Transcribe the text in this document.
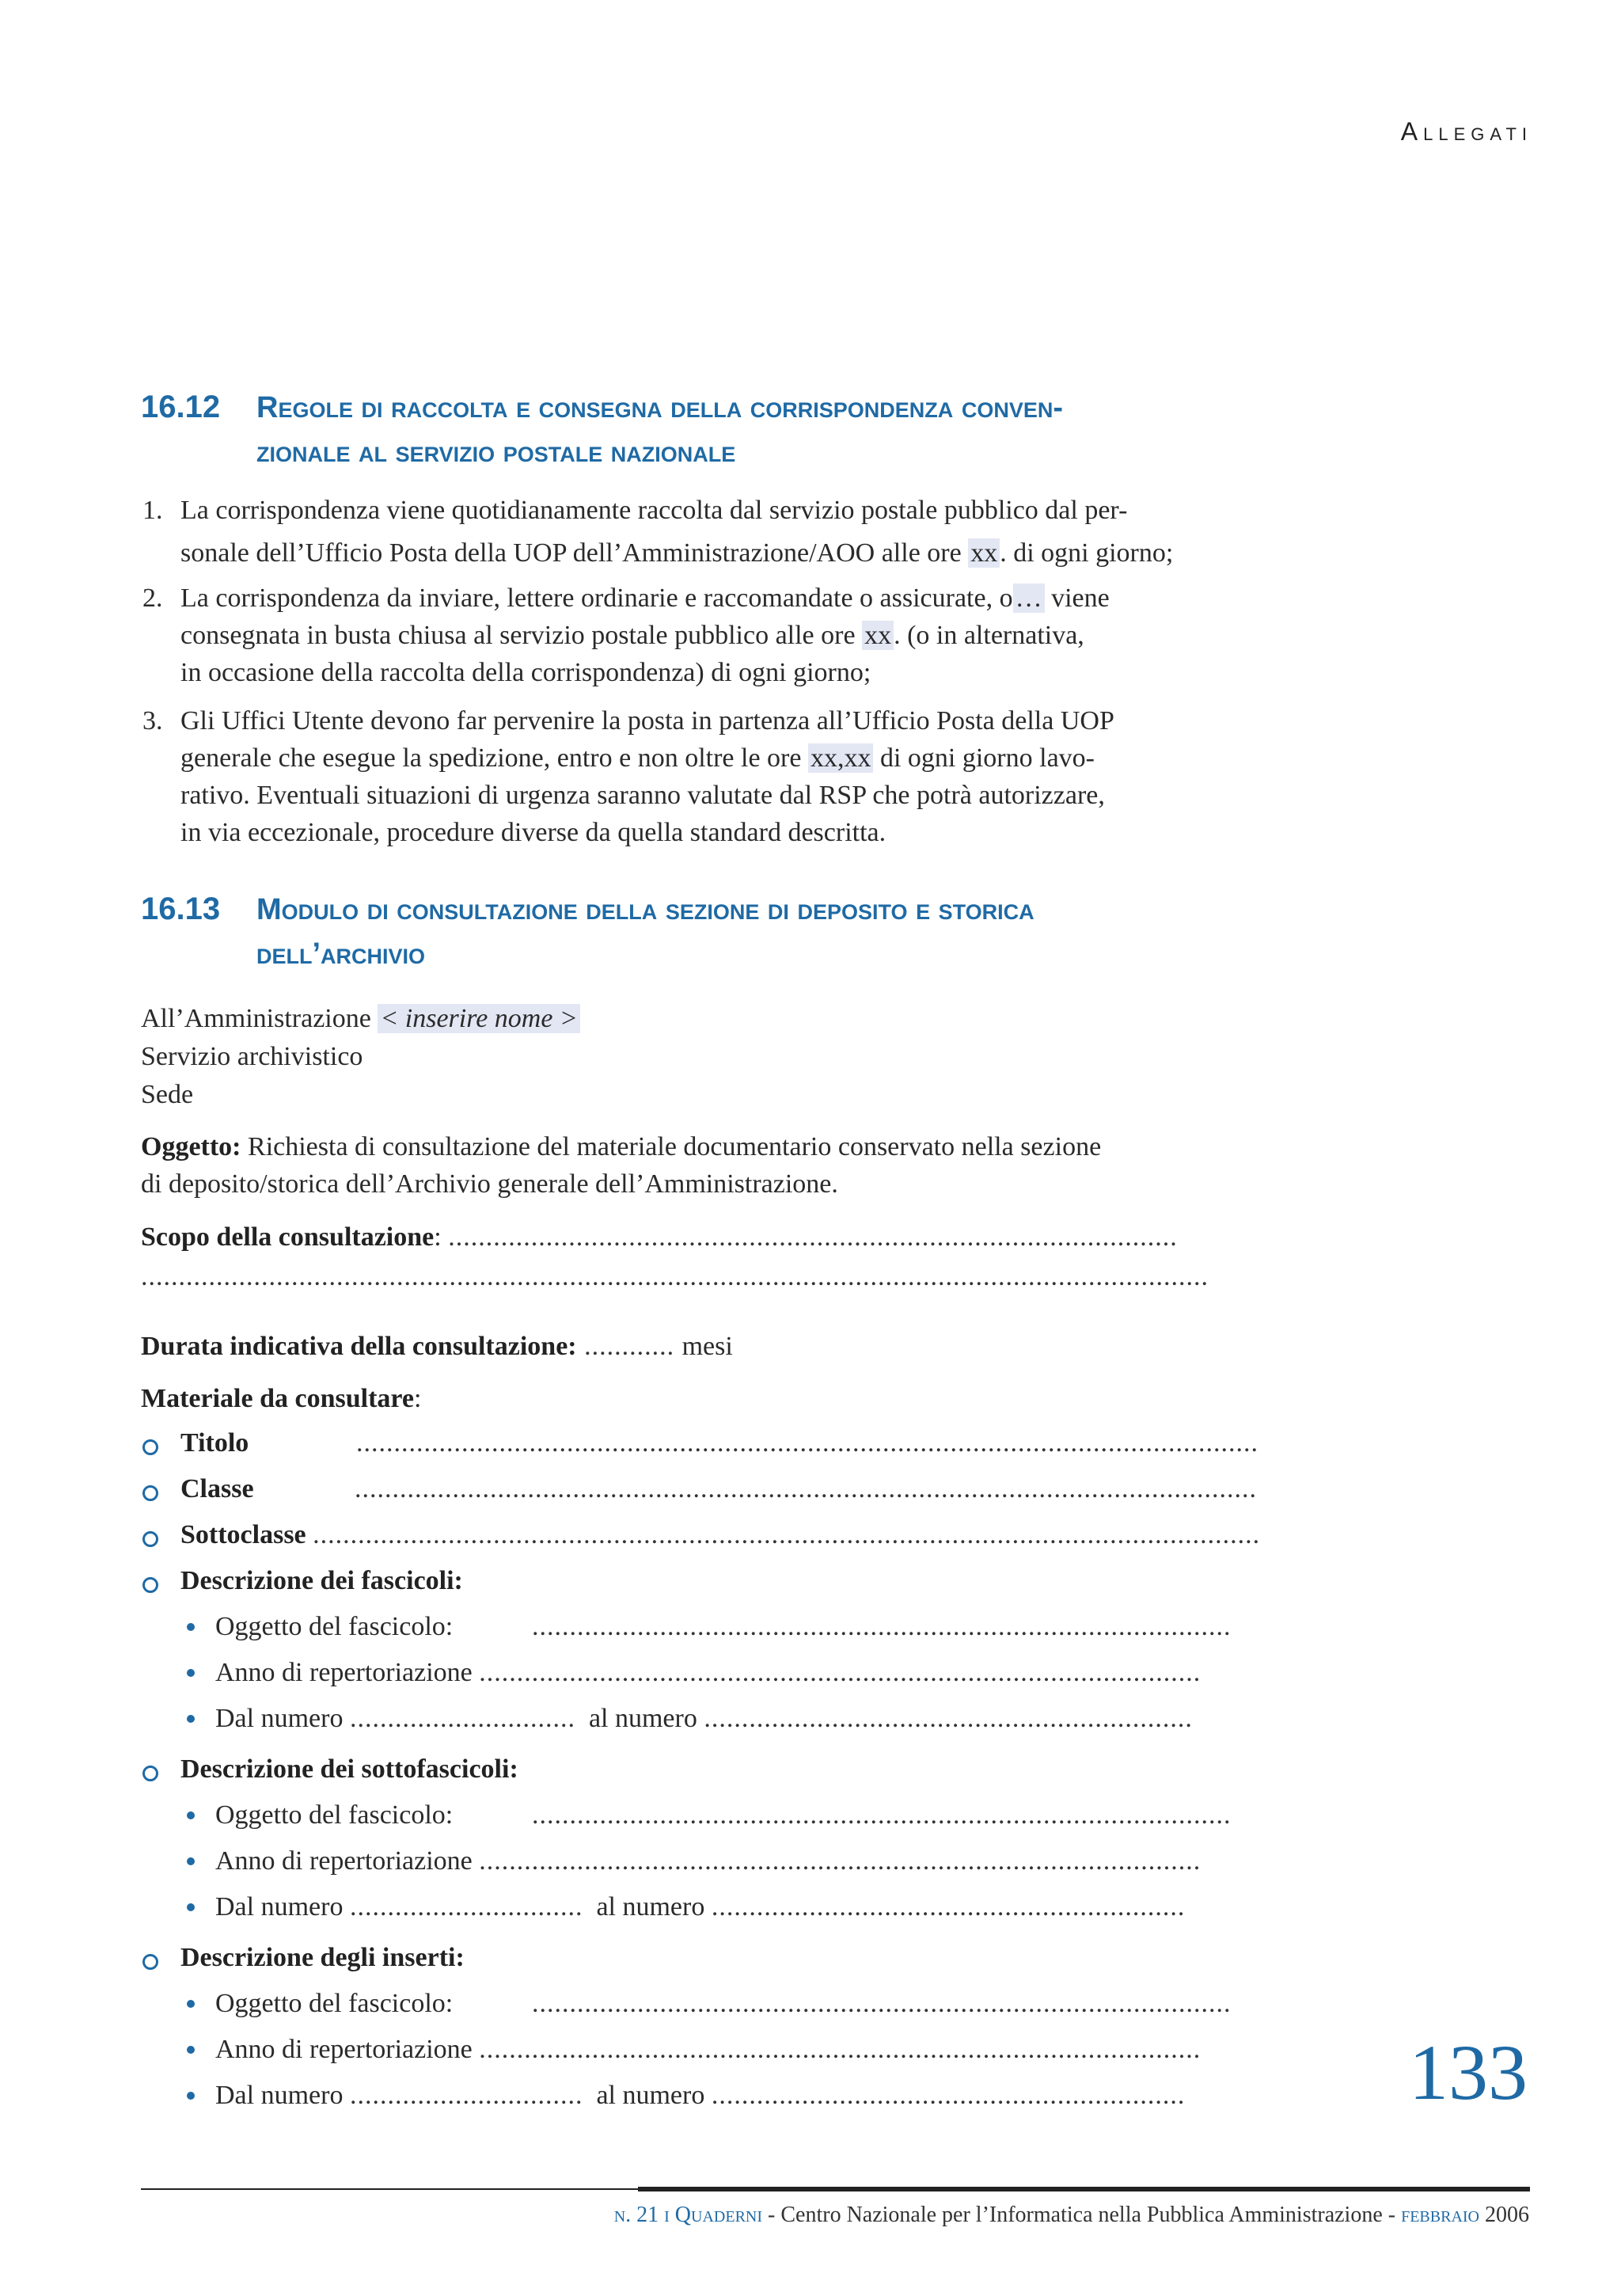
Allegati
16.12 Regole di raccolta e consegna della corrispondenza conven-
zionale al servizio postale nazionale
1. La corrispondenza viene quotidianamente raccolta dal servizio postale pubblico dal per-
sonale dell’Ufficio Posta della UOP dell’Amministrazione/AOO alle ore xx. di ogni giorno;
2. La corrispondenza da inviare, lettere ordinarie e raccomandate o assicurate, o… viene
consegnata in busta chiusa al servizio postale pubblico alle ore xx. (o in alternativa,
in occasione della raccolta della corrispondenza) di ogni giorno;
3. Gli Uffici Utente devono far pervenire la posta in partenza all’Ufficio Posta della UOP
generale che esegue la spedizione, entro e non oltre le ore xx,xx di ogni giorno lavo-
rativo. Eventuali situazioni di urgenza saranno valutate dal RSP che potrà autorizzare,
in via eccezionale, procedure diverse da quella standard descritta.
16.13 Modulo di consultazione della sezione di deposito e storica
dell’archivio
All’Amministrazione < inserire nome >
Servizio archivistico
Sede
Oggetto: Richiesta di consultazione del materiale documentario conservato nella sezione
di deposito/storica dell’Archivio generale dell’Amministrazione.
Scopo della consultazione: .................................................................................................
..............................................................................................................................................
Durata indicativa della consultazione: ............ mesi
Materiale da consultare:
Titolo	........................................................................................................................
Classe	........................................................................................................................
Sottoclasse ..............................................................................................................................
Descrizione dei fascicoli:
Oggetto del fascicolo:	.............................................................................................
Anno di repertoriazione ................................................................................................
Dal numero .............................. al numero .................................................................
Descrizione dei sottofascicoli:
Oggetto del fascicolo:	.............................................................................................
Anno di repertoriazione ................................................................................................
Dal numero ............................... al numero ...............................................................
Descrizione degli inserti:
Oggetto del fascicolo:	.............................................................................................
Anno di repertoriazione ................................................................................................
Dal numero ............................... al numero ...............................................................	133
n. 21 i Quaderni - Centro Nazionale per l’Informatica nella Pubblica Amministrazione - febbraio 2006
